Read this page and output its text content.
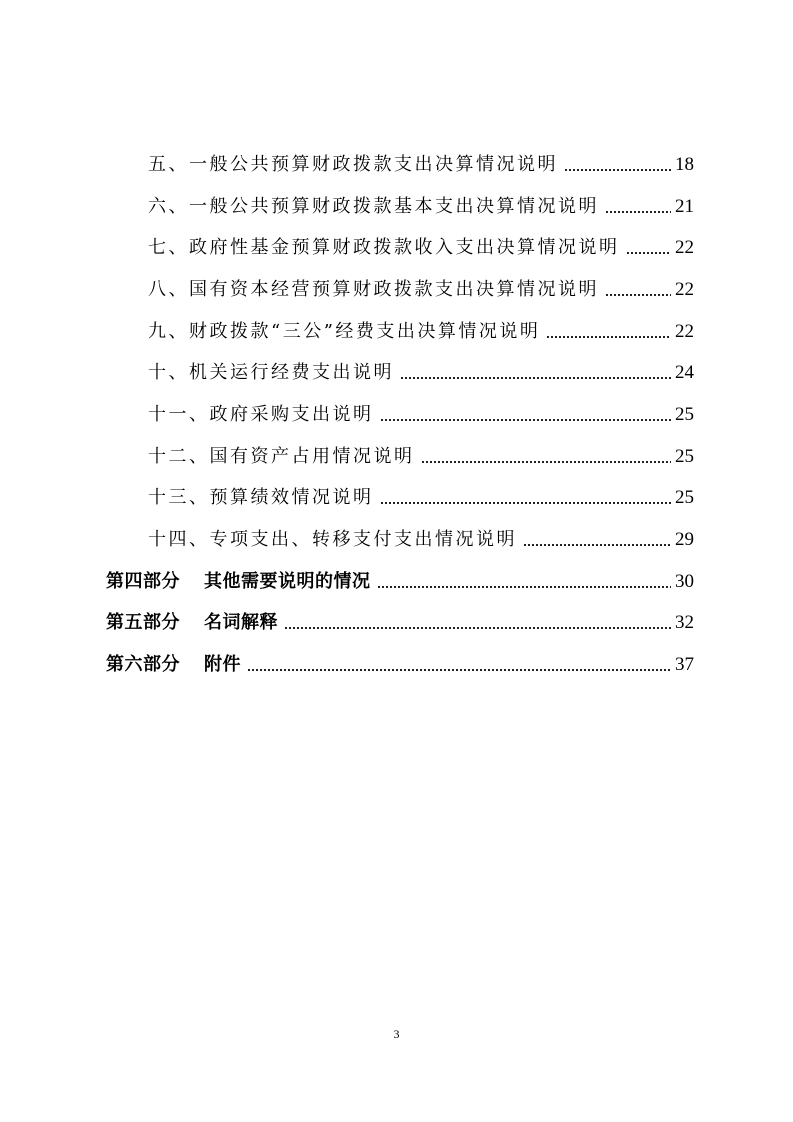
五、一般公共预算财政拨款支出决算情况说明	18
六、一般公共预算财政拨款基本支出决算情况说明	21
七、政府性基金预算财政拨款收入支出决算情况说明	22
八、国有资本经营预算财政拨款支出决算情况说明	22
九、财政拨款“三公”经费支出决算情况说明	22
十、机关运行经费支出说明	24
十一、政府采购支出说明	25
十二、国有资产占用情况说明	25
十三、预算绩效情况说明	25
十四、专项支出、转移支付支出情况说明	29
第四部分 其他需要说明的情况	30
第五部分 名词解释	32
第六部分 附件	37
3
